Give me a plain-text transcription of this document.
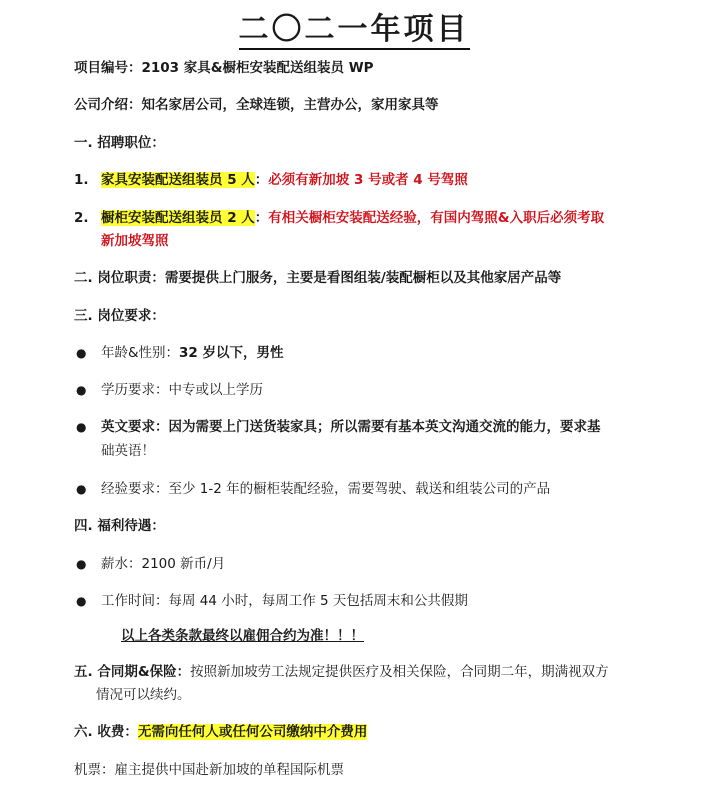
二〇二一年项目
项目编号：2103 家具&橱柜安装配送组装员 WP
公司介绍：知名家居公司，全球连锁，主营办公，家用家具等
一. 招聘职位：
1. 家具安装配送组装员 5 人：必须有新加坡 3 号或者 4 号驾照
2. 橱柜安装配送组装员 2 人：有相关橱柜安装配送经验，有国内驾照&入职后必须考取
新加坡驾照
二. 岗位职责：需要提供上门服务，主要是看图组装/装配橱柜以及其他家居产品等
三. 岗位要求：
● 年龄&性别：32 岁以下，男性
● 学历要求：中专或以上学历
● 英文要求：因为需要上门送货装家具；所以需要有基本英文沟通交流的能力，要求基
础英语！
● 经验要求：至少 1-2 年的橱柜装配经验，需要驾驶、载送和组装公司的产品
四. 福利待遇：
● 薪水：2100 新币/月
● 工作时间：每周 44 小时，每周工作 5 天包括周末和公共假期
以上各类条款最终以雇佣合约为准！！！
五. 合同期&保险：按照新加坡劳工法规定提供医疗及相关保险，合同期二年，期满视双方
情况可以续约。
六. 收费：无需向任何人或任何公司缴纳中介费用
机票：雇主提供中国赴新加坡的单程国际机票
